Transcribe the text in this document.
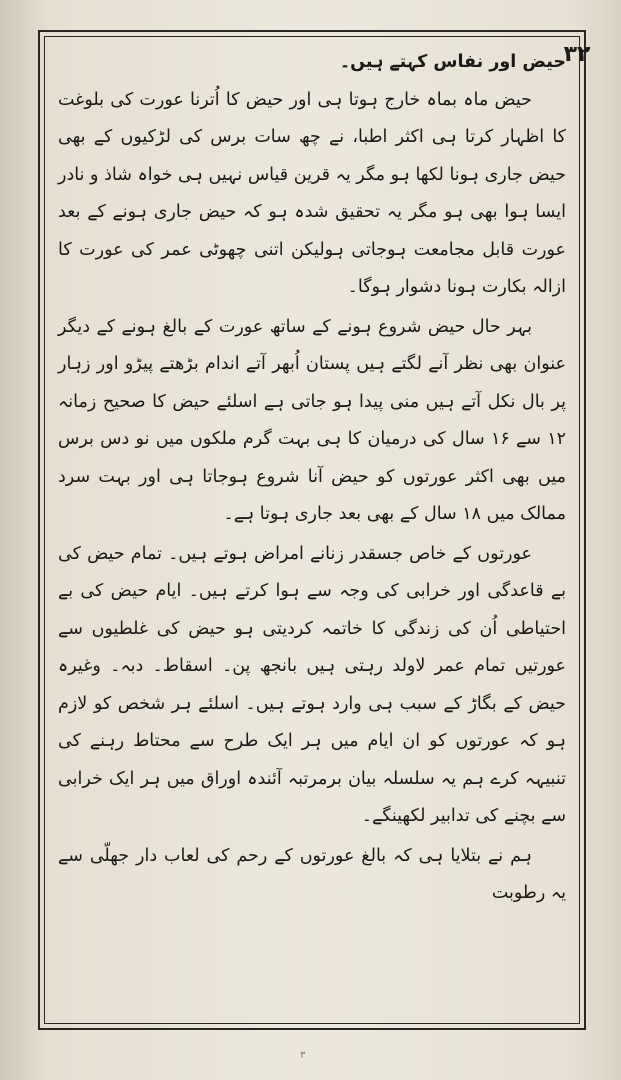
۳۲

حیض اور نفاس کہتے ہیں۔

حیض ماہ بماہ خارج ہوتا ہی اور حیض کا اُترنا عورت کی بلوغت کا اظہار کرتا ہی اکثر اطبا، نے چھ سات برس کی لڑکیوں کے بھی حیض جاری ہونا لکھا ہو مگر یہ قرین قیاس نہیں ہی خواہ شاذ و نادر ایسا ہوا بھی ہو مگر یہ تحقیق شدہ ہو کہ حیض جاری ہونے کے بعد عورت قابل مجامعت ہوجاتی ہولیکن اتنی چھوٹی عمر کی عورت کا ازالہ بکارت ہونا دشوار ہوگا۔

بہر حال حیض شروع ہونے کے ساتھ عورت کے بالغ ہونے کے دیگر عنوان بھی نظر آنے لگتے ہیں پستان اُبھر آتے اندام بڑھتے پیڑو اور زہار پر بال نکل آتے ہیں منی پیدا ہو جاتی ہے اسلئے حیض کا صحیح زمانہ ۱۲ سے ۱۶ سال کی درمیان کا ہی بہت گرم ملکوں میں نو دس برس میں بھی اکثر عورتوں کو حیض آنا شروع ہوجاتا ہی اور بہت سرد ممالک میں ۱۸ سال کے بھی بعد جاری ہوتا ہے۔

عورتوں کے خاص جسقدر زنانے امراض ہوتے ہیں۔ تمام حیض کی بے قاعدگی اور خرابی کی وجہ سے ہوا کرتے ہیں۔ ایام حیض کی بے احتیاطی اُن کی زندگی کا خاتمہ کردیتی ہو حیض کی غلطیوں سے عورتیں تمام عمر لاولد رہتی ہیں بانجھ پن۔ اسقاط۔ دبہ۔ وغیرہ حیض کے بگاڑ کے سبب ہی وارد ہوتے ہیں۔ اسلئے ہر شخص کو لازم ہو کہ عورتوں کو ان ایام میں ہر ایک طرح سے محتاط رہنے کی تنبیہہ کرے ہم یہ سلسلہ بیان برمرتبہ آئندہ اوراق میں ہر ایک خرابی سے بچنے کی تدابیر لکھینگے۔

ہم نے بتلایا ہی کہ بالغ عورتوں کے رحم کی لعاب دار جھلّی سے یہ رطوبت

۳
